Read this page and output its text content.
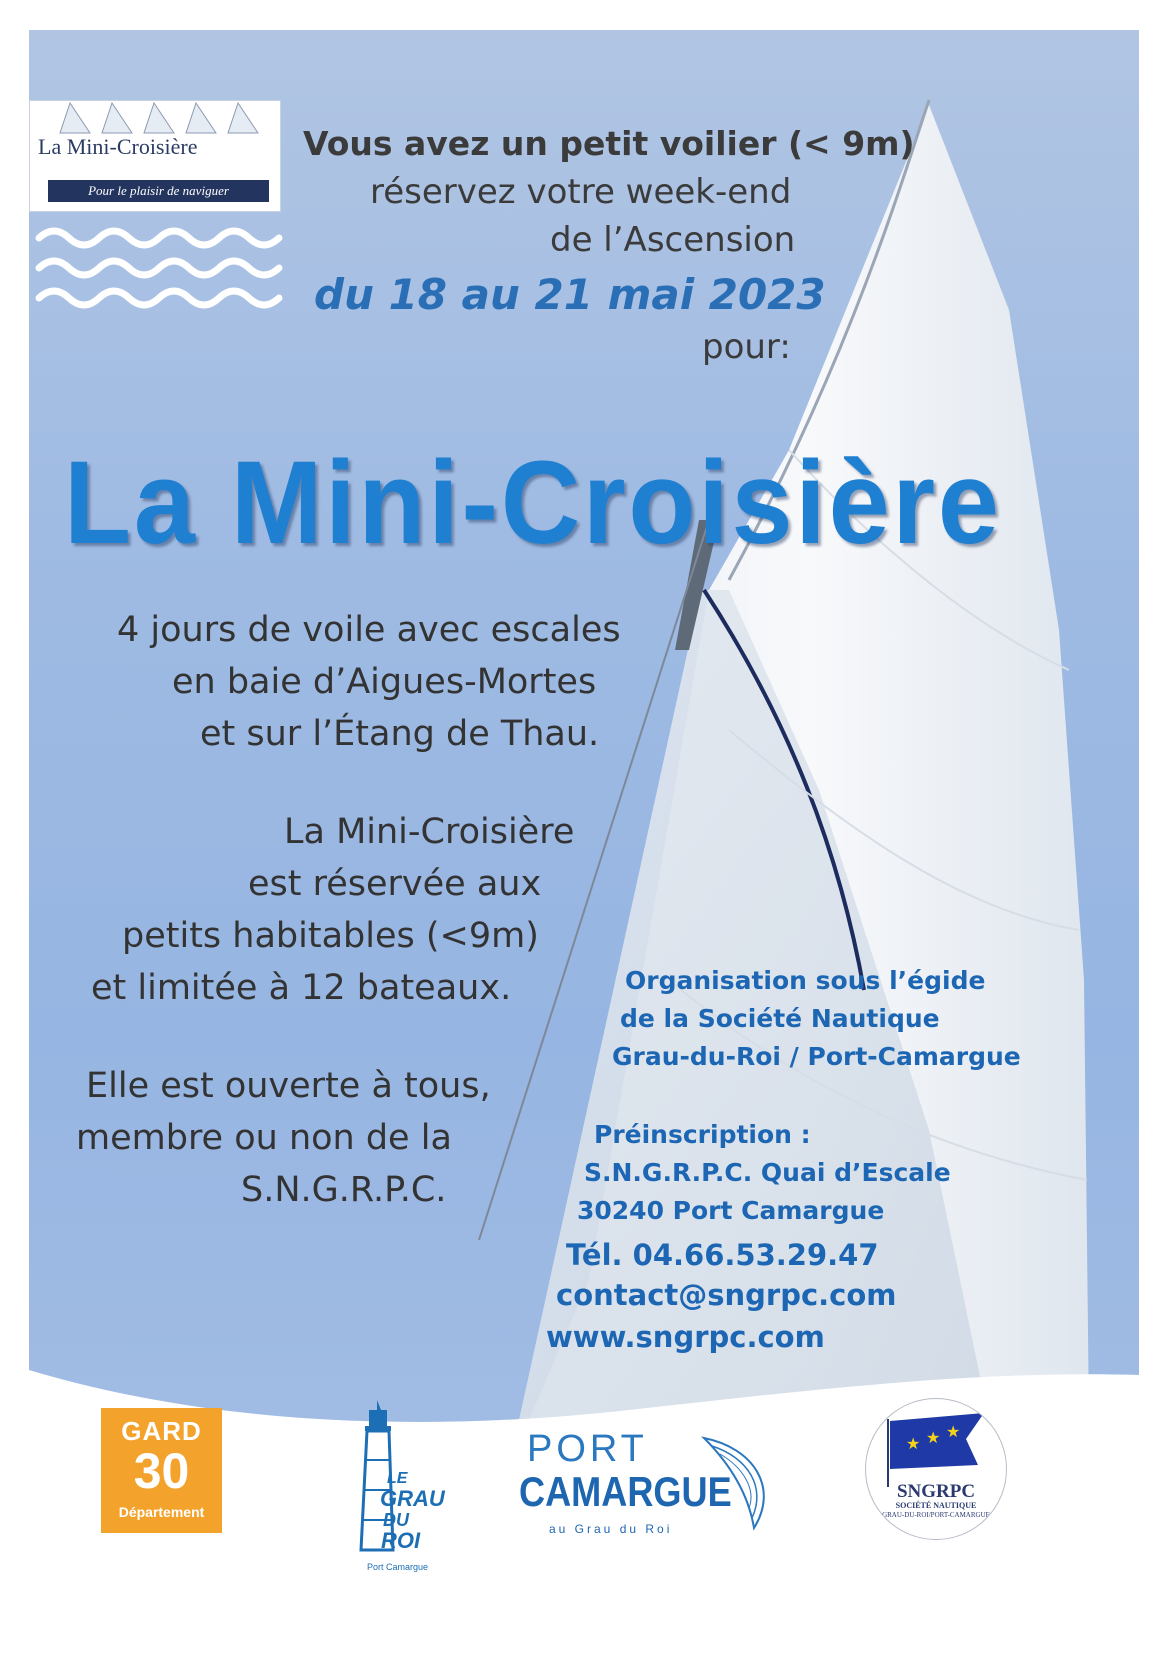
La Mini-Croisière
Pour le plaisir de naviguer
Vous avez un petit voilier (< 9m)
réservez votre week-end
de l’Ascension
du 18 au 21 mai 2023
pour:
La Mini-Croisière
4 jours de voile avec escales
en baie d’Aigues-Mortes
et sur l’Étang de Thau.
La Mini-Croisière
est réservée aux
petits habitables (<9m)
et limitée à 12 bateaux.
Elle est ouverte à tous,
membre ou non de la
S.N.G.R.P.C.
Organisation sous l’égide
de la Société Nautique
Grau-du-Roi / Port-Camargue
Préinscription :
S.N.G.R.P.C. Quai d’Escale
30240 Port Camargue
Tél. 04.66.53.29.47
contact@sngrpc.com
www.sngrpc.com
GARD
30
Département
LE
GRAU
DU
ROI
Port Camargue
PORT
CAMARGUE
au Grau du Roi
★ ★ ★
SNGRPC
SOCIÉTÉ NAUTIQUE
GRAU-DU-ROI/PORT-CAMARGUE
